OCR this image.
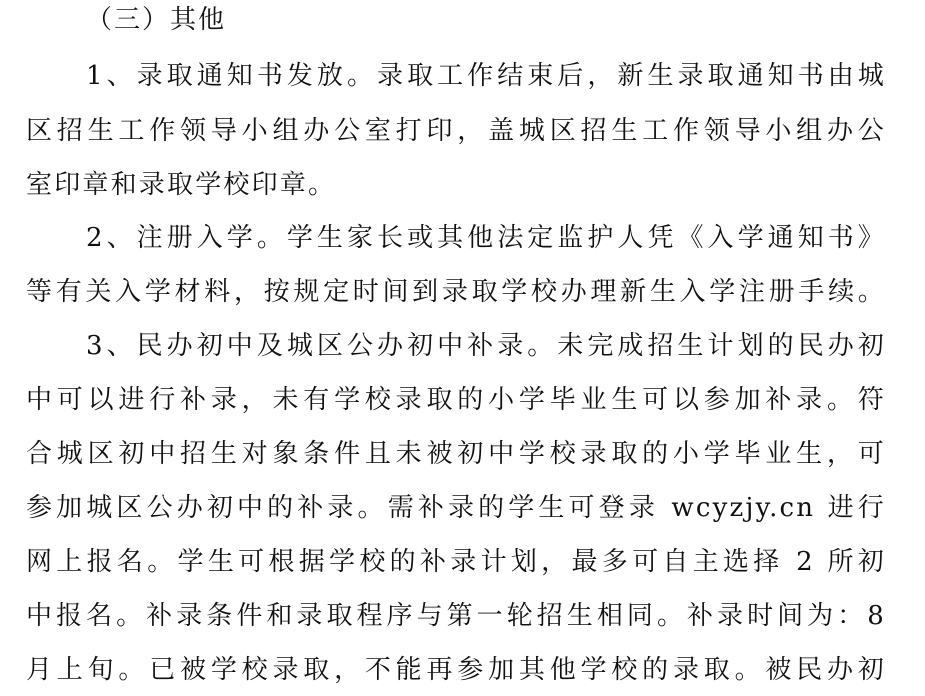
（三）其他
1、录取通知书发放。录取工作结束后，新生录取通知书由城
区招生工作领导小组办公室打印，盖城区招生工作领导小组办公
室印章和录取学校印章。
2、注册入学。学生家长或其他法定监护人凭《入学通知书》
等有关入学材料，按规定时间到录取学校办理新生入学注册手续。
3、民办初中及城区公办初中补录。未完成招生计划的民办初
中可以进行补录，未有学校录取的小学毕业生可以参加补录。符
合城区初中招生对象条件且未被初中学校录取的小学毕业生，可
参加城区公办初中的补录。需补录的学生可登录 wcyzjy.cn 进行
网上报名。学生可根据学校的补录计划，最多可自主选择 2 所初
中报名。补录条件和录取程序与第一轮招生相同。补录时间为：8
月上旬。已被学校录取，不能再参加其他学校的录取。被民办初
